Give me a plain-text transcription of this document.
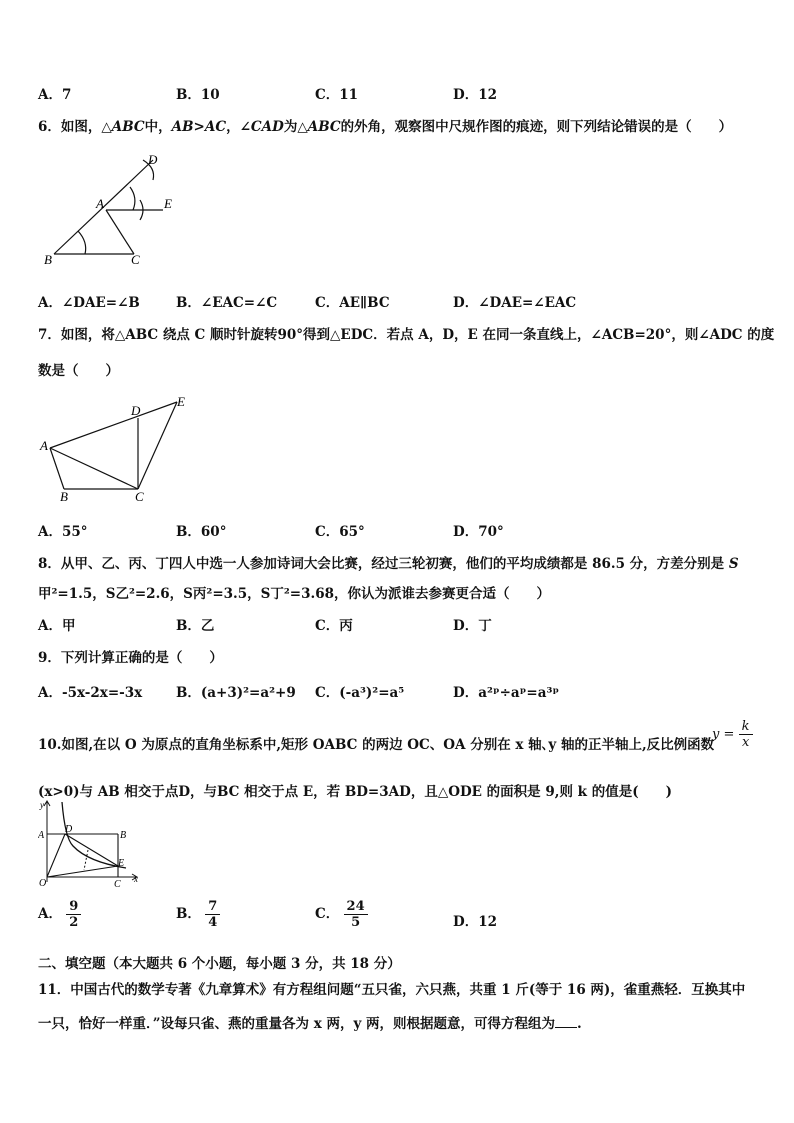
A．7	B．10	C．11	D．12
6．如图，△ABC中，AB>AC，∠CAD为△ABC的外角，观察图中尺规作图的痕迹，则下列结论错误的是（　　）
D
A	E
B	C
A．∠DAE=∠B	B．∠EAC=∠C	C．AE∥BC	D．∠DAE=∠EAC
7．如图，将△ABC 绕点 C 顺时针旋转90°得到△EDC．若点 A，D，E 在同一条直线上，∠ACB=20°，则∠ADC 的度
数是（　　）
A
B	C
D
E
A．55°	B．60°	C．65°	D．70°
8．从甲、乙、丙、丁四人中选一人参加诗词大会比赛，经过三轮初赛，他们的平均成绩都是 86.5 分，方差分别是 S
甲²=1.5，S乙²=2.6，S丙²=3.5，S丁²=3.68，你认为派谁去参赛更合适（　　）
A．甲	B．乙	C．丙	D．丁
9．下列计算正确的是（　　）
A．-5x-2x=-3x	B．(a+3)²=a²+9 C．(-a³)²=a⁵	D．a²ᵖ÷aᵖ=a³ᵖ
10.如图,在以 O 为原点的直角坐标系中,矩形 OABC 的两边 OC、OA 分别在 x 轴､y 轴的正半轴上,反比例函数
$y = \frac{k}{x}$
(x>0)与 AB 相交于点D，与BC 相交于点 E，若 BD=3AD，且△ODE 的面积是 9,则 k 的值是(　　)
y
A
D
B
E
O	C x
A． $\frac{9}{2}$	B． $\frac{7}{4}$	C． $\frac{24}{5}$	D．12
二、填空题（本大题共 6 个小题，每小题 3 分，共 18 分）
11．中国古代的数学专著《九章算术》有方程组问题“五只雀，六只燕，共重 1 斤(等于 16 两)，雀重燕轻．互换其中
一只，恰好一样重．”设每只雀、燕的重量各为 x 两，y 两，则根据题意，可得方程组为 .
